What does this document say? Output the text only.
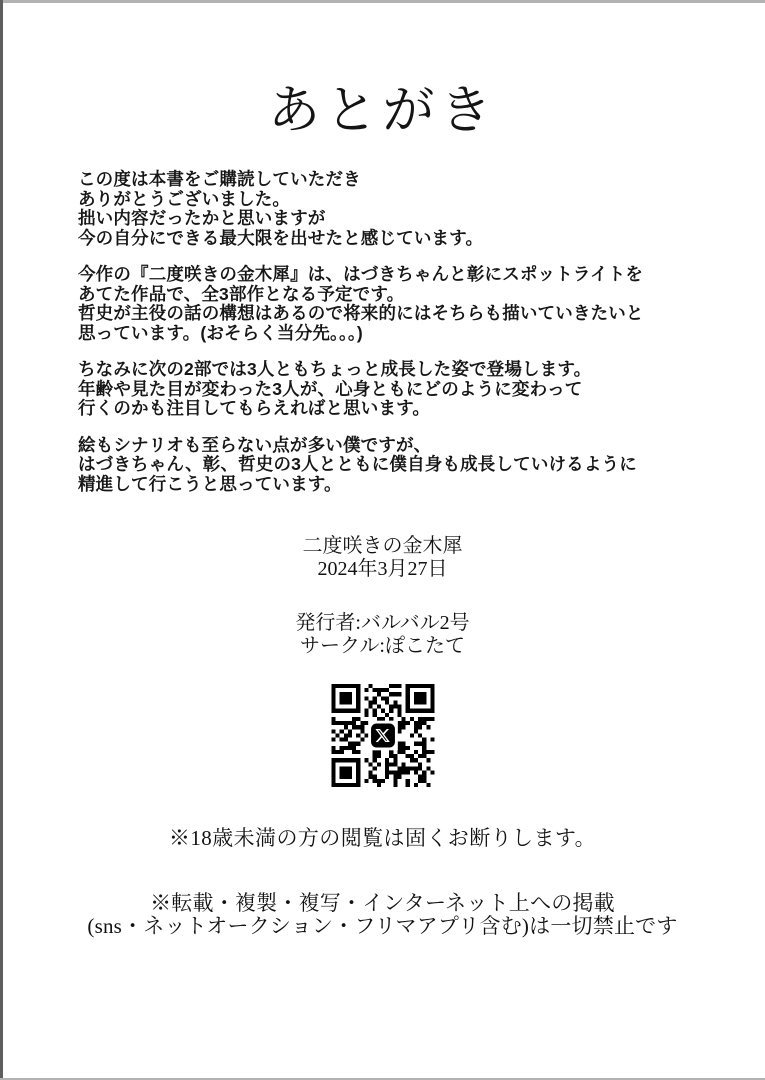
あとがき
この度は本書をご購読していただき
ありがとうございました。
拙い内容だったかと思いますが
今の自分にできる最大限を出せたと感じています。
今作の『二度咲きの金木犀』は、はづきちゃんと彰にスポットライトを
あてた作品で、全3部作となる予定です。
哲史が主役の話の構想はあるので将来的にはそちらも描いていきたいと
思っています。(おそらく当分先。。。)
ちなみに次の2部では3人ともちょっと成長した姿で登場します。
年齢や見た目が変わった3人が、心身ともにどのように変わって
行くのかも注目してもらえればと思います。
絵もシナリオも至らない点が多い僕ですが、
はづきちゃん、彰、哲史の3人とともに僕自身も成長していけるように
精進して行こうと思っています。
二度咲きの金木犀
2024年3月27日
発行者:バルバル2号
サークル:ぽこたて
※18歳未満の方の閲覧は固くお断りします。
※転載・複製・複写・インターネット上への掲載
(sns・ネットオークション・フリマアプリ含む)は一切禁止です
